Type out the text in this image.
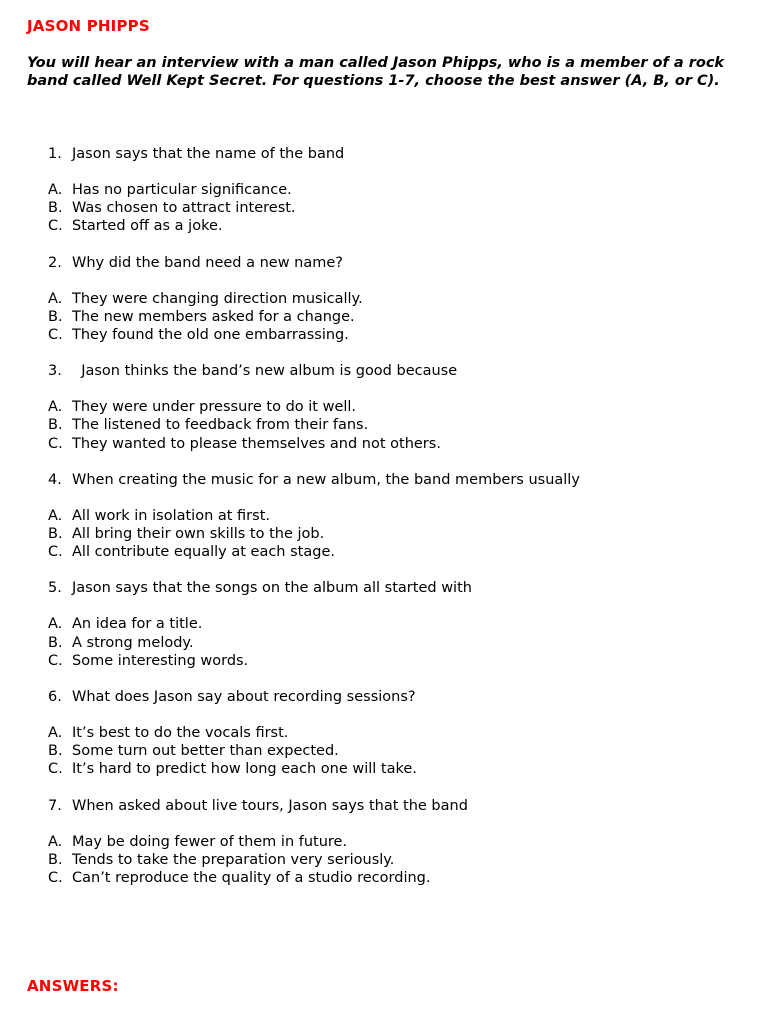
JASON PHIPPS
You will hear an interview with a man called Jason Phipps, who is a member of a rock band called Well Kept Secret. For questions 1-7, choose the best answer (A, B, or C).
1. Jason says that the name of the band
A. Has no particular significance.
B. Was chosen to attract interest.
C. Started off as a joke.
2. Why did the band need a new name?
A. They were changing direction musically.
B. The new members asked for a change.
C. They found the old one embarrassing.
3. Jason thinks the band’s new album is good because
A. They were under pressure to do it well.
B. The listened to feedback from their fans.
C. They wanted to please themselves and not others.
4. When creating the music for a new album, the band members usually
A. All work in isolation at first.
B. All bring their own skills to the job.
C. All contribute equally at each stage.
5. Jason says that the songs on the album all started with
A. An idea for a title.
B. A strong melody.
C. Some interesting words.
6. What does Jason say about recording sessions?
A. It’s best to do the vocals first.
B. Some turn out better than expected.
C. It’s hard to predict how long each one will take.
7. When asked about live tours, Jason says that the band
A. May be doing fewer of them in future.
B. Tends to take the preparation very seriously.
C. Can’t reproduce the quality of a studio recording.
ANSWERS:
